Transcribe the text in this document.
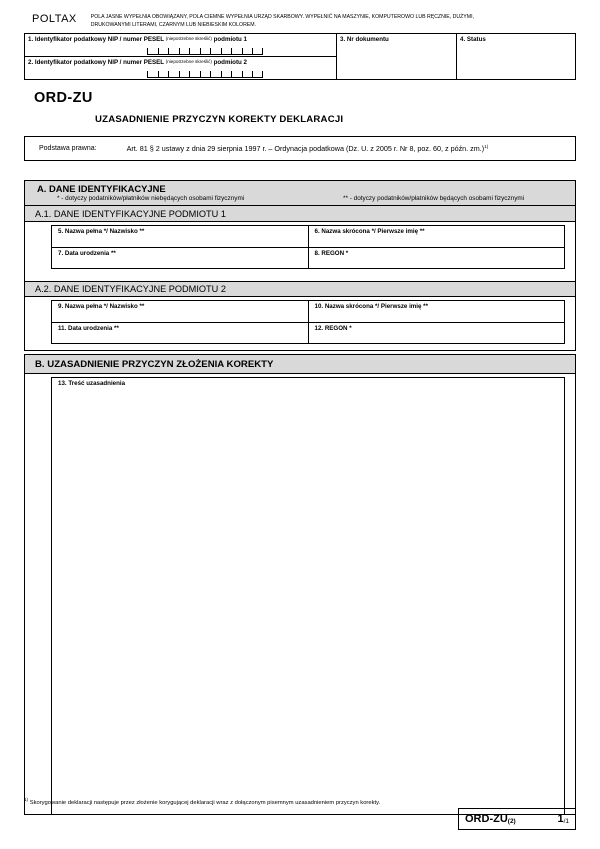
POLTAX	POLA JASNE WYPEŁNIA OBOWIĄZANY, POLA CIEMNE WYPEŁNIA URZĄD SKARBOWY. WYPEŁNIĆ NA MASZYNIE, KOMPUTEROWO LUB RĘCZNIE, DUŻYMI, DRUKOWANYMI LITERAMI, CZARNYM LUB NIEBIESKIM KOLOREM.
1. Identyfikator podatkowy NIP / numer PESEL $^{(niepotrzebne skreślić)}$ podmiotu 1
2. Identyfikator podatkowy NIP / numer PESEL $^{(niepotrzebne skreślić)}$ podmiotu 2
3. Nr dokumentu	4. Status
ORD-ZU
UZASADNIENIE PRZYCZYN KOREKTY DEKLARACJI
Podstawa prawna:	Art. 81 § 2 ustawy z dnia 29 sierpnia 1997 r. – Ordynacja podatkowa (Dz. U. z 2005 r. Nr 8, poz. 60, z późn. zm.)$^{1)}$
A. DANE IDENTYFIKACYJNE
* - dotyczy podatników/płatników niebędących osobami fizycznymi	** - dotyczy podatników/płatników będących osobami fizycznymi
A.1. DANE IDENTYFIKACYJNE PODMIOTU 1
5. Nazwa pełna */ Nazwisko **	6. Nazwa skrócona */ Pierwsze imię **
7. Data urodzenia **	8. REGON *
A.2. DANE IDENTYFIKACYJNE PODMIOTU 2
9. Nazwa pełna */ Nazwisko **	10. Nazwa skrócona */ Pierwsze imię **
11. Data urodzenia **	12. REGON *
B. UZASADNIENIE PRZYCZYN ZŁOŻENIA KOREKTY
13. Treść uzasadnienia
$^{1)}$ Skorygowanie deklaracji następuje przez złożenie korygującej deklaracji wraz z dołączonym pisemnym uzasadnieniem przyczyn korekty.
ORD-ZU(2)	1/1
